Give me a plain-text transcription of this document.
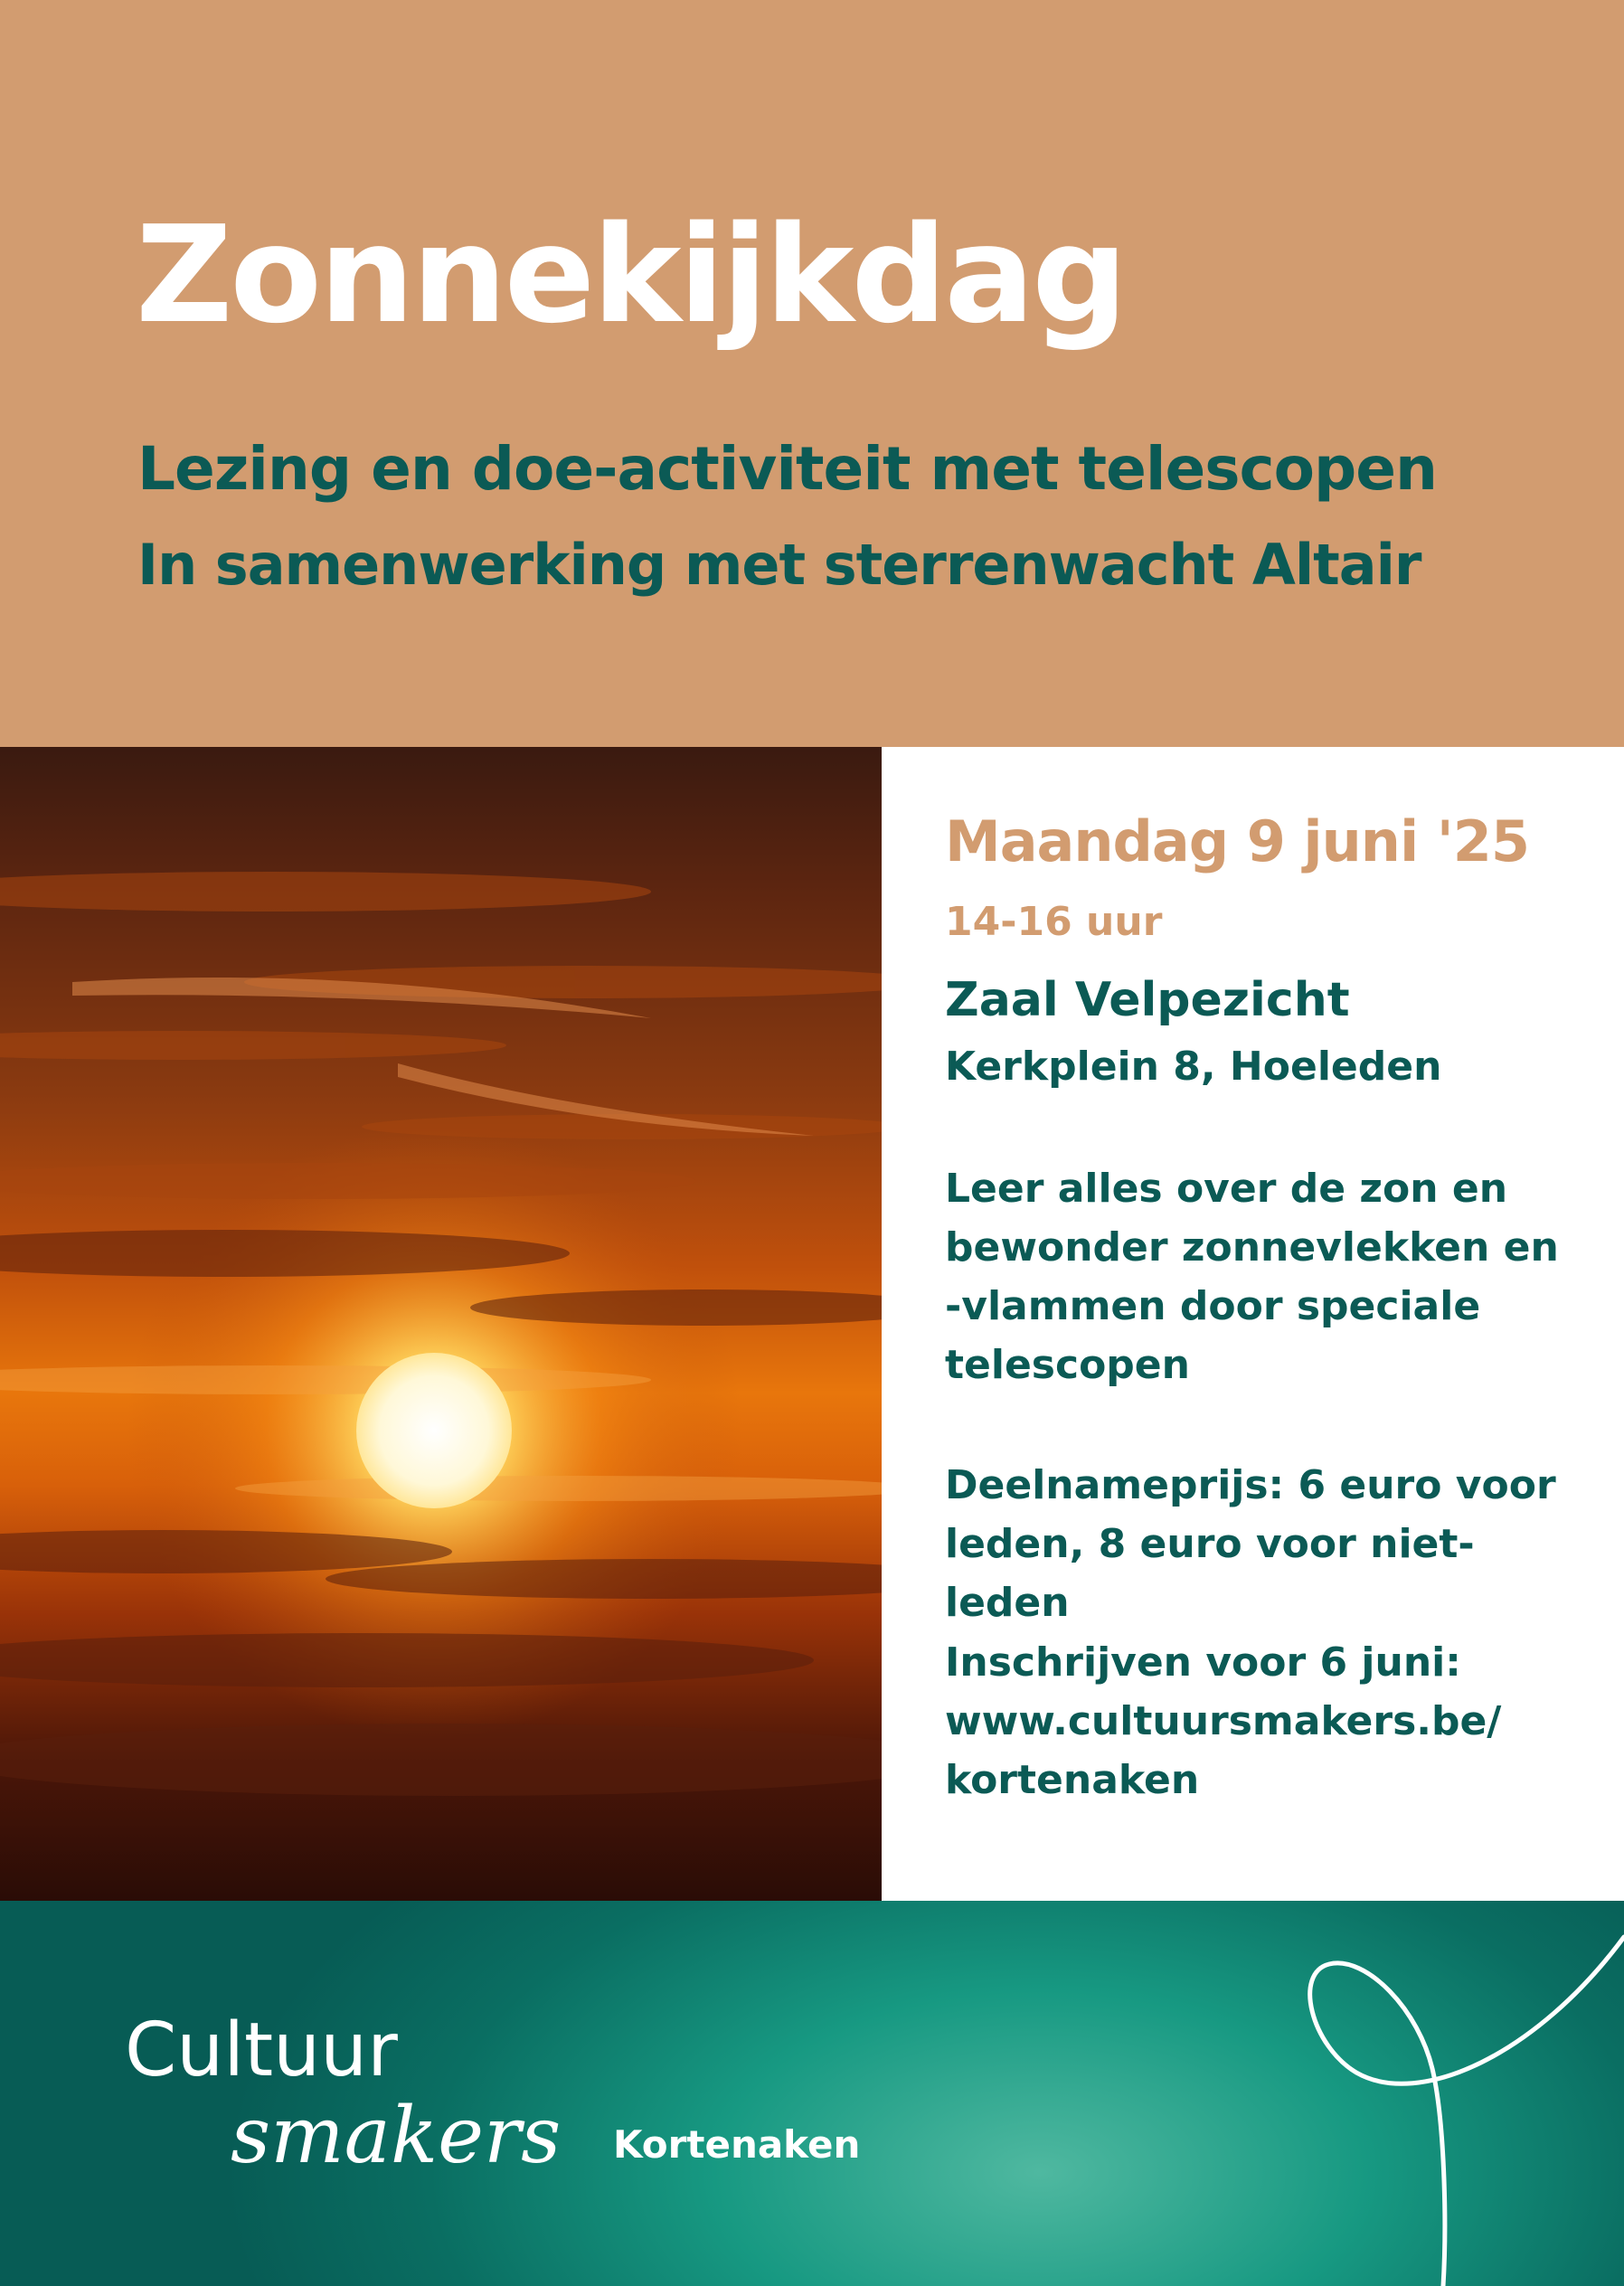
Zonnekijkdag
Lezing en doe-activiteit met telescopen
In samenwerking met sterrenwacht Altair
Maandag 9 juni '25
14-16 uur
Zaal Velpezicht
Kerkplein 8, Hoeleden
Leer alles over de zon en
bewonder zonnevlekken en
-vlammen door speciale
telescopen
Deelnameprijs: 6 euro voor
leden, 8 euro voor niet-leden
Inschrijven voor 6 juni:
www.cultuursmakers.be/
kortenaken
Cultuur
smakers Kortenaken
